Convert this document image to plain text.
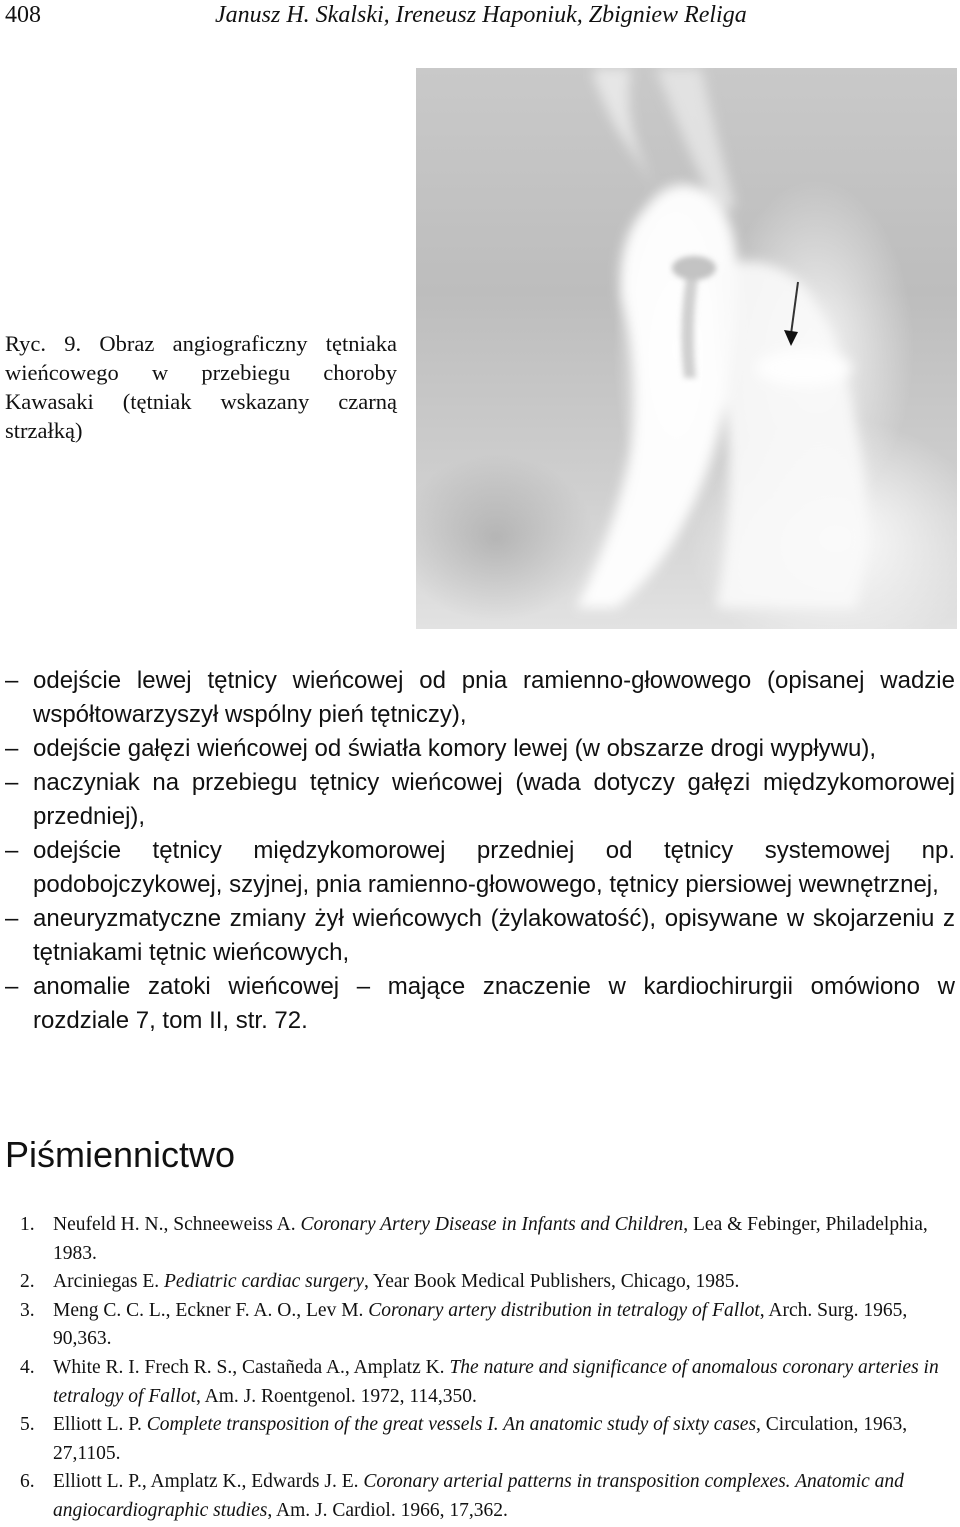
408	Janusz H. Skalski, Ireneusz Haponiuk, Zbigniew Religa
Ryc. 9. Obraz angiograficzny tętniaka wieńcowego w przebiegu choroby Kawasaki (tętniak wskazany czarną strzałką)
– odejście lewej tętnicy wieńcowej od pnia ramienno-głowowego (opisanej wadzie współtowarzyszył wspólny pień tętniczy),
– odejście gałęzi wieńcowej od światła komory lewej (w obszarze drogi wypływu),
– naczyniak na przebiegu tętnicy wieńcowej (wada dotyczy gałęzi międzykomorowej przedniej),
– odejście tętnicy międzykomorowej przedniej od tętnicy systemowej np. podobojczykowej, szyjnej, pnia ramienno-głowowego, tętnicy piersiowej wewnętrznej,
– aneuryzmatyczne zmiany żył wieńcowych (żylakowatość), opisywane w skojarzeniu z tętniakami tętnic wieńcowych,
– anomalie zatoki wieńcowej – mające znaczenie w kardiochirurgii omówiono w rozdziale 7, tom II, str. 72.
Piśmiennictwo
1. Neufeld H. N., Schneeweiss A. Coronary Artery Disease in Infants and Children, Lea & Febinger, Philadelphia, 1983.
2. Arciniegas E. Pediatric cardiac surgery, Year Book Medical Publishers, Chicago, 1985.
3. Meng C. C. L., Eckner F. A. O., Lev M. Coronary artery distribution in tetralogy of Fallot, Arch. Surg. 1965, 90,363.
4. White R. I. Frech R. S., Castañeda A., Amplatz K. The nature and significance of anomalous coronary arteries in tetralogy of Fallot, Am. J. Roentgenol. 1972, 114,350.
5. Elliott L. P. Complete transposition of the great vessels I. An anatomic study of sixty cases, Circulation, 1963, 27,1105.
6. Elliott L. P., Amplatz K., Edwards J. E. Coronary arterial patterns in transposition complexes. Anatomic and angiocardiographic studies, Am. J. Cardiol. 1966, 17,362.
